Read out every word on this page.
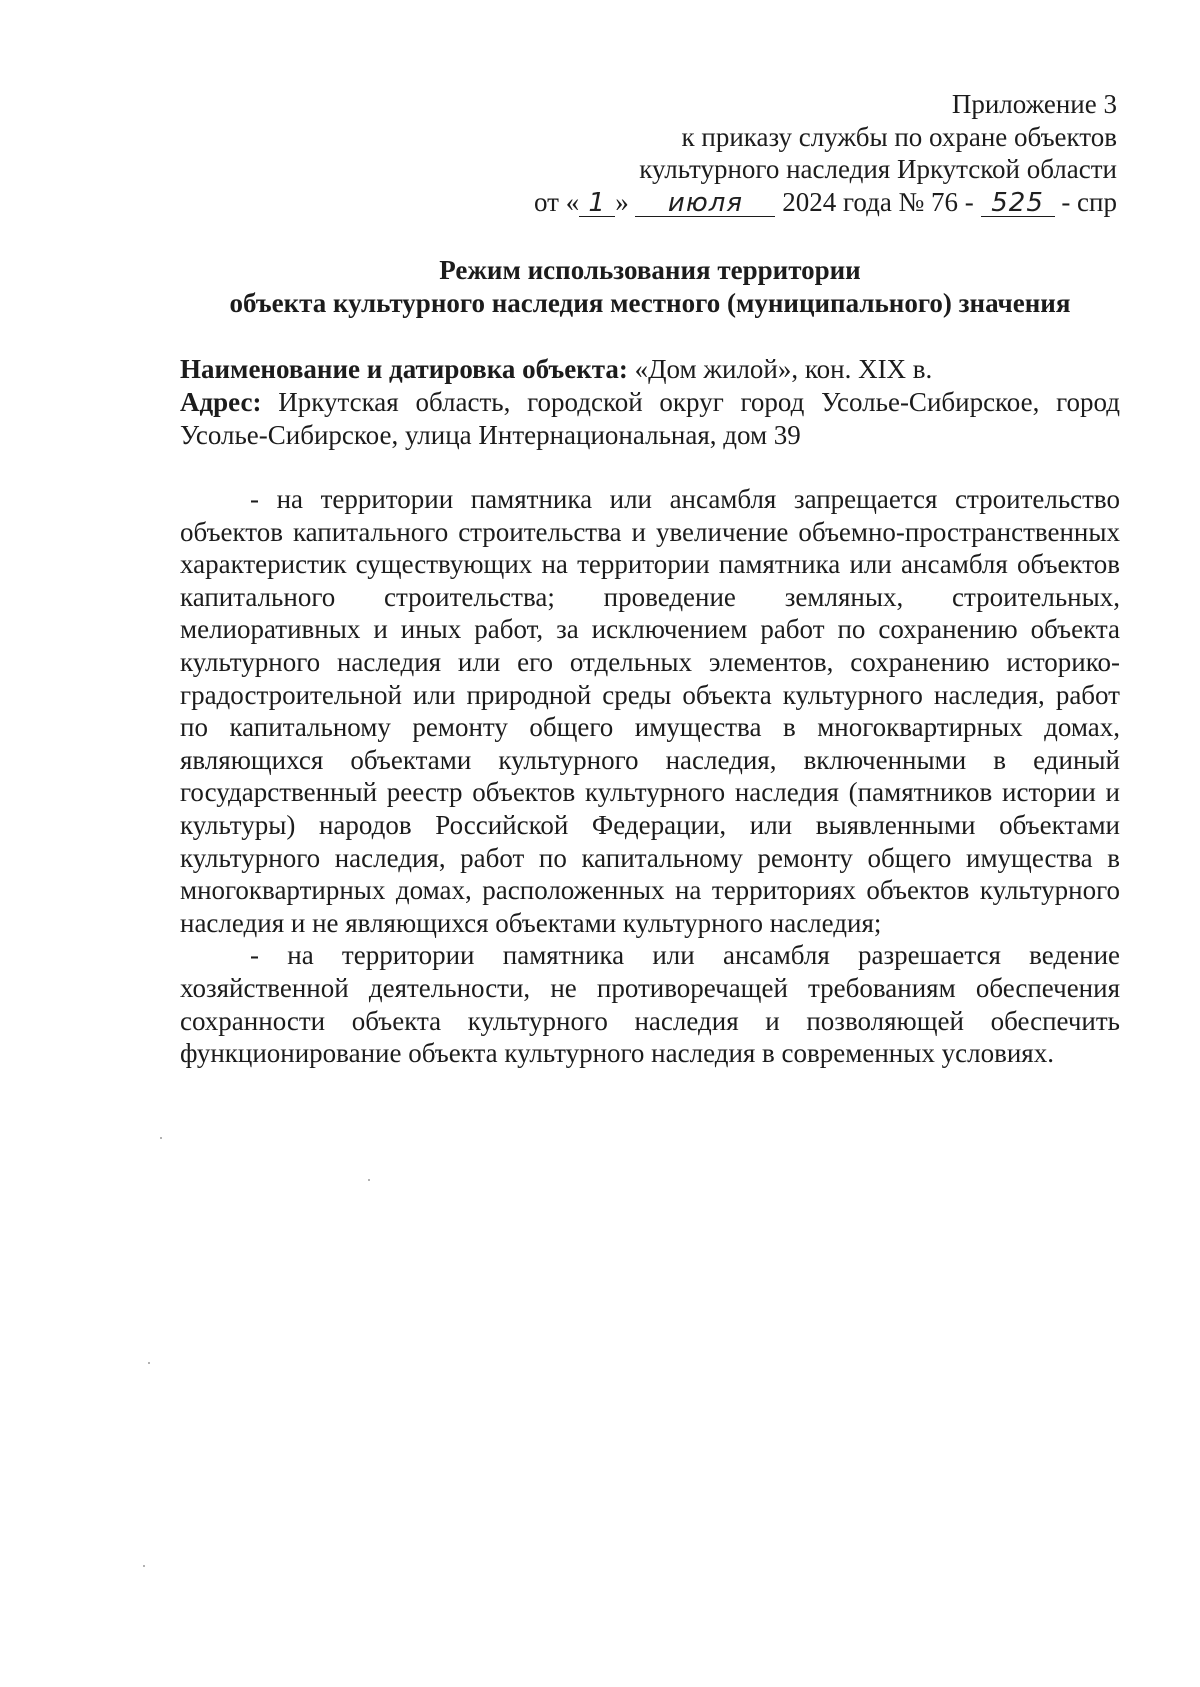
Приложение 3
к приказу службы по охране объектов
культурного наследия Иркутской области
от « 1 » июля 2024 года № 76 - 525 - спр
Режим использования территории
объекта культурного наследия местного (муниципального) значения
Наименование и датировка объекта: «Дом жилой», кон. XIX в.
Адрес: Иркутская область, городской округ город Усолье-Сибирское, город Усолье-Сибирское, улица Интернациональная, дом 39

- на территории памятника или ансамбля запрещается строительство объектов капитального строительства и увеличение объемно-пространственных характеристик существующих на территории памятника или ансамбля объектов капитального строительства; проведение земляных, строительных, мелиоративных и иных работ, за исключением работ по сохранению объекта культурного наследия или его отдельных элементов, сохранению историко-градостроительной или природной среды объекта культурного наследия, работ по капитальному ремонту общего имущества в многоквартирных домах, являющихся объектами культурного наследия, включенными в единый государственный реестр объектов культурного наследия (памятников истории и культуры) народов Российской Федерации, или выявленными объектами культурного наследия, работ по капитальному ремонту общего имущества в многоквартирных домах, расположенных на территориях объектов культурного наследия и не являющихся объектами культурного наследия;

- на территории памятника или ансамбля разрешается ведение хозяйственной деятельности, не противоречащей требованиям обеспечения сохранности объекта культурного наследия и позволяющей обеспечить функционирование объекта культурного наследия в современных условиях.
